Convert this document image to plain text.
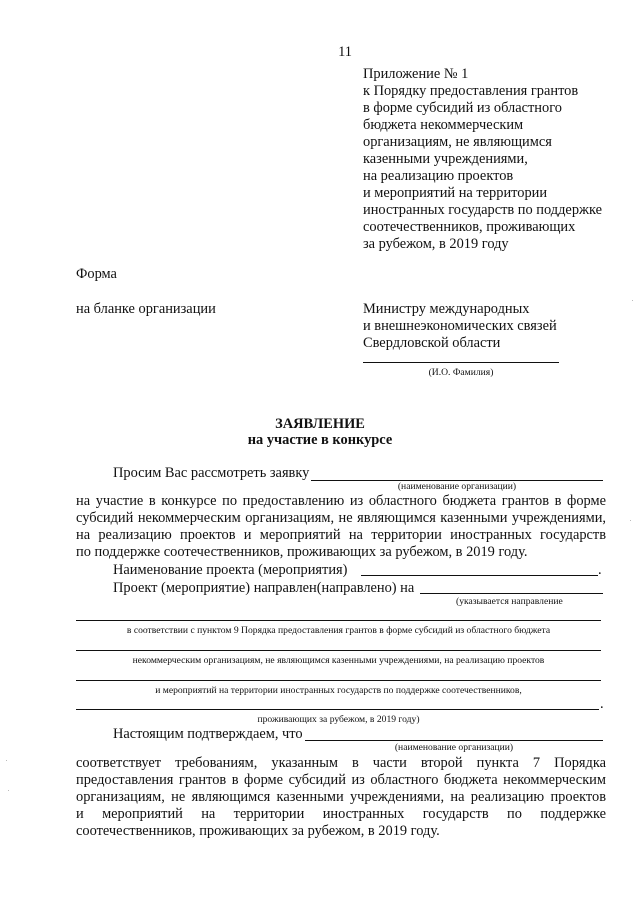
11
Приложение № 1
к Порядку предоставления грантов
в форме субсидий из областного
бюджета некоммерческим
организациям, не являющимся
казенными учреждениями,
на реализацию проектов
и мероприятий на территории
иностранных государств по поддержке
соотечественников, проживающих
за рубежом, в 2019 году
Форма
на бланке организации	Министру международных
и внешнеэкономических связей
Свердловской области
(И.О. Фамилия)
ЗАЯВЛЕНИЕ
на участие в конкурсе
Просим Вас рассмотреть заявку
(наименование организации)
на участие в конкурсе по предоставлению из областного бюджета грантов в форме
субсидий некоммерческим организациям, не являющимся казенными учреждениями,
на реализацию проектов и мероприятий на территории иностранных государств
по поддержке соотечественников, проживающих за рубежом, в 2019 году.
Наименование проекта (мероприятия)	.
Проект (мероприятие) направлен(направлено) на
(указывается направление
в соответствии с пунктом 9 Порядка предоставления грантов в форме субсидий из областного бюджета
некоммерческим организациям, не являющимся казенными учреждениями, на реализацию проектов
и мероприятий на территории иностранных государств по поддержке соотечественников,
.
проживающих за рубежом, в 2019 году)
Настоящим подтверждаем, что
(наименование организации)
соответствует требованиям, указанным в части второй пункта 7 Порядка
предоставления грантов в форме субсидий из областного бюджета некоммерческим
организациям, не являющимся казенными учреждениями, на реализацию проектов
и мероприятий на территории иностранных государств по поддержке
соотечественников, проживающих за рубежом, в 2019 году.
